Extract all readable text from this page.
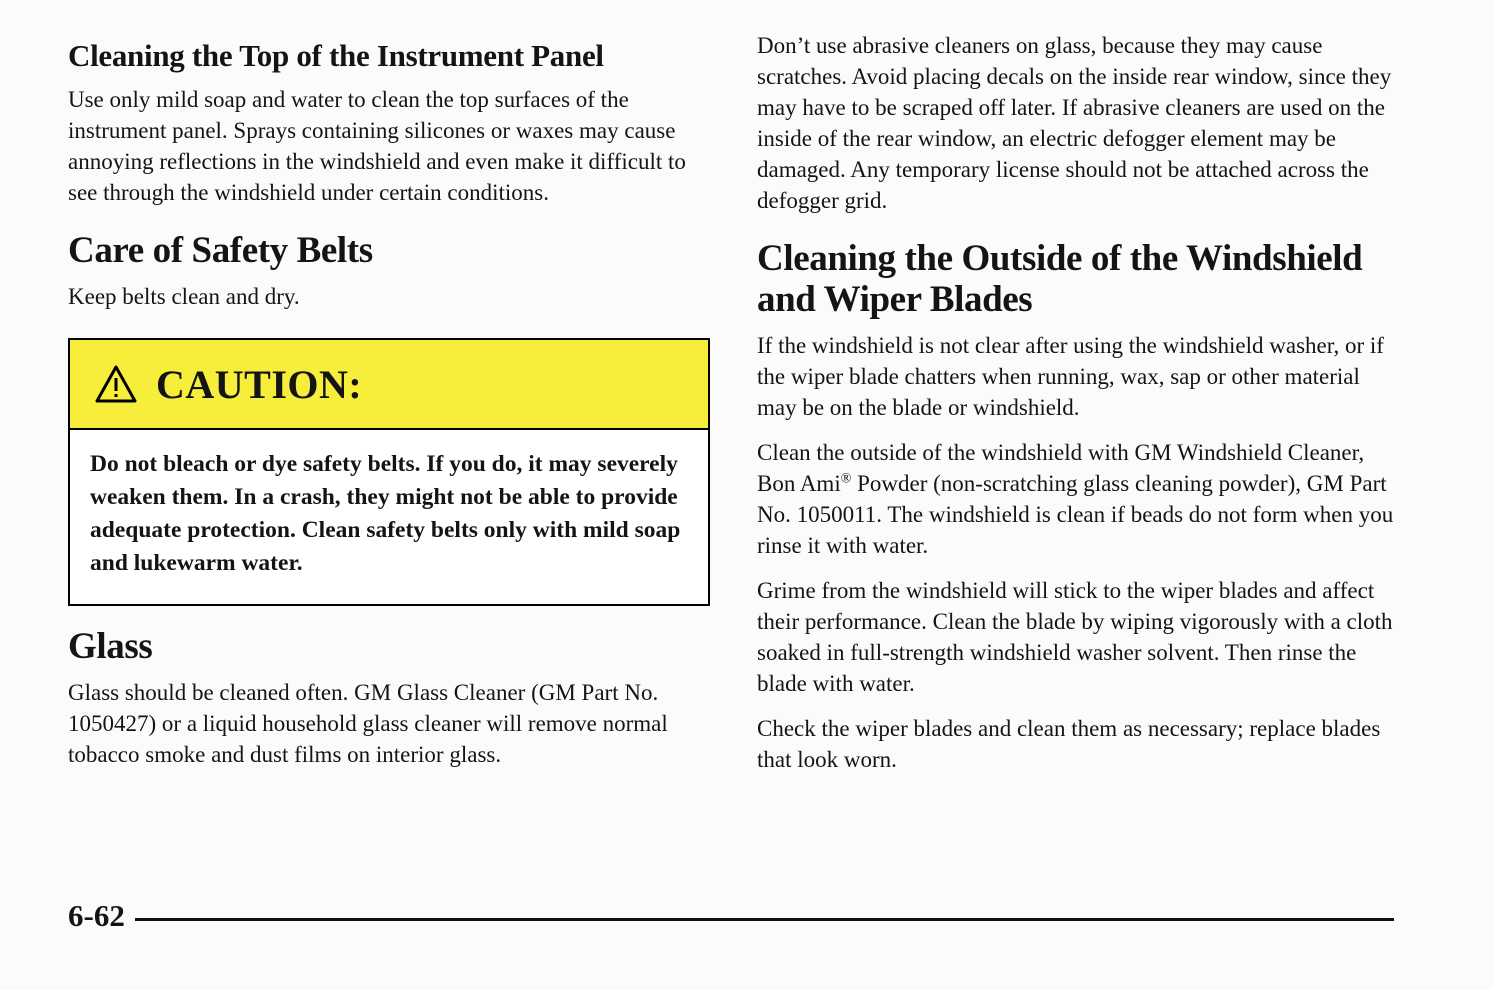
Cleaning the Top of the Instrument Panel

Use only mild soap and water to clean the top surfaces of the instrument panel. Sprays containing silicones or waxes may cause annoying reflections in the windshield and even make it difficult to see through the windshield under certain conditions.

Care of Safety Belts

Keep belts clean and dry.

CAUTION:
Do not bleach or dye safety belts. If you do, it may severely weaken them. In a crash, they might not be able to provide adequate protection. Clean safety belts only with mild soap and lukewarm water.
Glass

Glass should be cleaned often. GM Glass Cleaner (GM Part No. 1050427) or a liquid household glass cleaner will remove normal tobacco smoke and dust films on interior glass.

Don’t use abrasive cleaners on glass, because they may cause scratches. Avoid placing decals on the inside rear window, since they may have to be scraped off later. If abrasive cleaners are used on the inside of the rear window, an electric defogger element may be damaged. Any temporary license should not be attached across the defogger grid.

Cleaning the Outside of the Windshield and Wiper Blades

If the windshield is not clear after using the windshield washer, or if the wiper blade chatters when running, wax, sap or other material may be on the blade or windshield.

Clean the outside of the windshield with GM Windshield Cleaner, Bon Ami® Powder (non-scratching glass cleaning powder), GM Part No. 1050011. The windshield is clean if beads do not form when you rinse it with water.

Grime from the windshield will stick to the wiper blades and affect their performance. Clean the blade by wiping vigorously with a cloth soaked in full-strength windshield washer solvent. Then rinse the blade with water.

Check the wiper blades and clean them as necessary; replace blades that look worn.

6-62
